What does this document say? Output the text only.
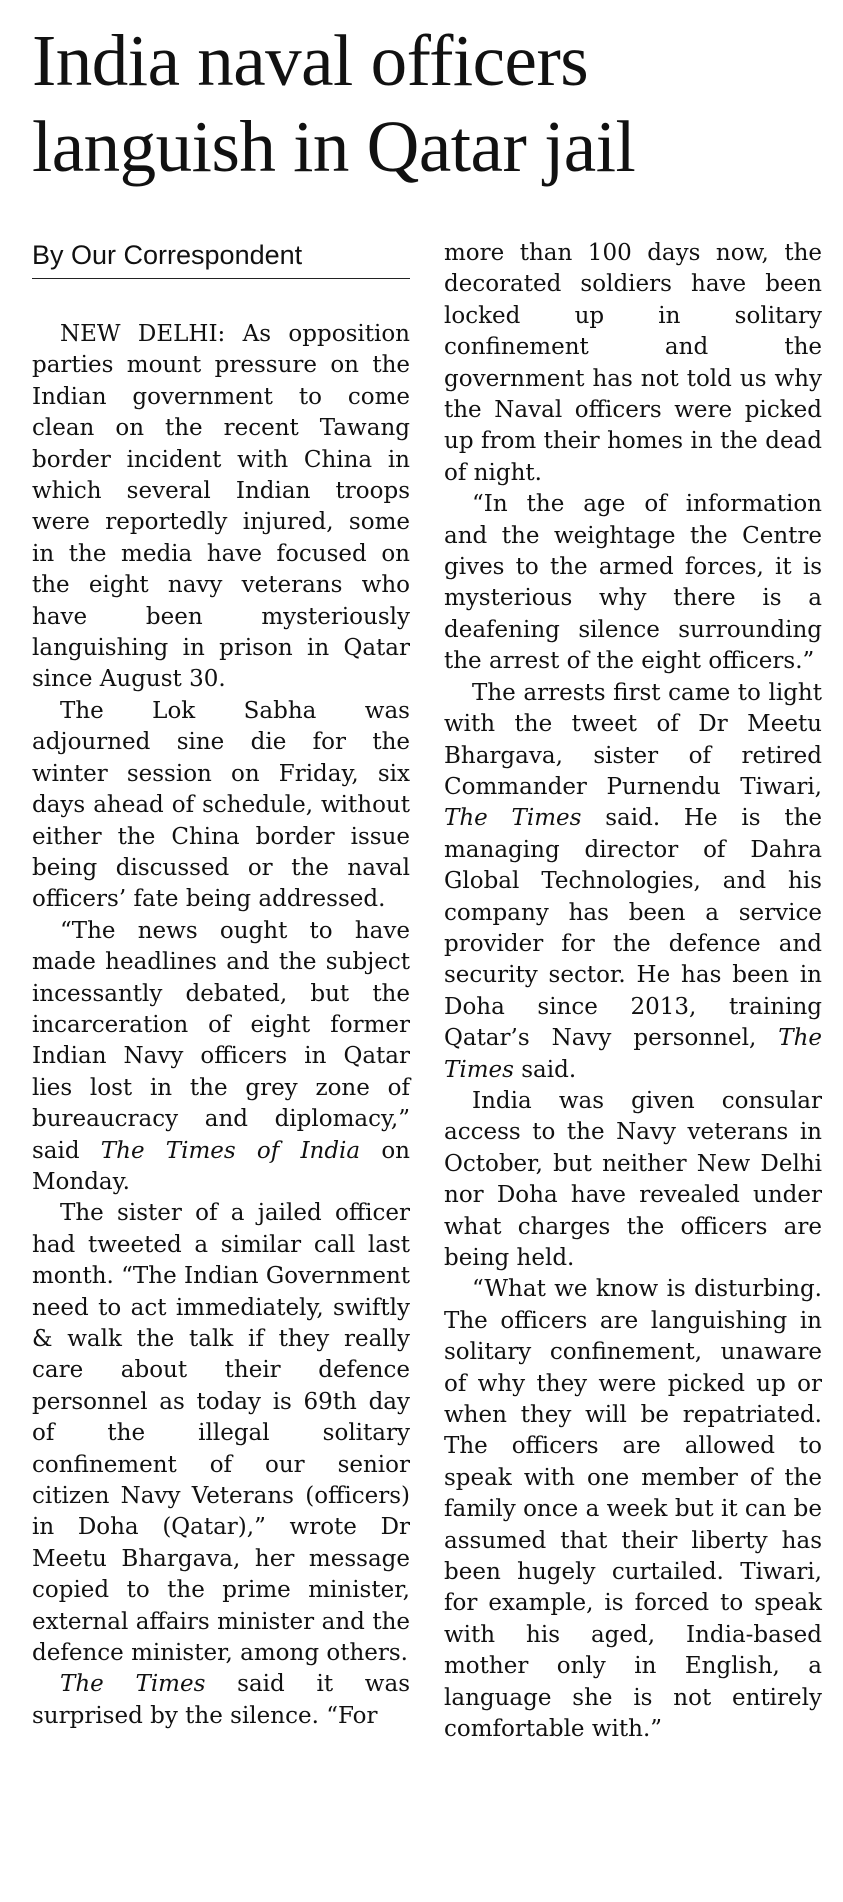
India naval officers
languish in Qatar jail
By Our Correspondent

NEW DELHI: As opposition parties mount pressure on the Indian government to come clean on the recent Tawang border incident with China in which several Indian troops were reportedly injured, some in the media have focused on the eight navy veterans who have been mysteriously languishing in prison in Qatar since August 30.

The Lok Sabha was adjourned sine die for the winter session on Friday, six days ahead of schedule, without either the China border issue being discussed or the naval officers’ fate being addressed.

“The news ought to have made headlines and the subject incessantly debated, but the incarceration of eight former Indian Navy officers in Qatar lies lost in the grey zone of bureaucracy and diplomacy,” said The Times of India on Monday.

The sister of a jailed officer had tweeted a similar call last month. “The Indian Government need to act immediately, swiftly & walk the talk if they really care about their defence personnel as today is 69th day of the illegal solitary confinement of our senior citizen Navy Veterans (officers) in Doha (Qatar),” wrote Dr Meetu Bhargava, her message copied to the prime minister, external affairs minister and the defence minister, among others.

The Times said it was surprised by the silence. “For

more than 100 days now, the decorated soldiers have been locked up in solitary confinement and the government has not told us why the Naval officers were picked up from their homes in the dead of night.

“In the age of information and the weightage the Centre gives to the armed forces, it is mysterious why there is a deafening silence surrounding the arrest of the eight officers.”

The arrests first came to light with the tweet of Dr Meetu Bhargava, sister of retired Commander Purnendu Tiwari, The Times said. He is the managing director of Dahra Global Technologies, and his company has been a service provider for the defence and security sector. He has been in Doha since 2013, training Qatar’s Navy personnel, The Times said.

India was given consular access to the Navy veterans in October, but neither New Delhi nor Doha have revealed under what charges the officers are being held.

“What we know is disturbing. The officers are languishing in solitary confinement, unaware of why they were picked up or when they will be repatriated. The officers are allowed to speak with one member of the family once a week but it can be assumed that their liberty has been hugely curtailed. Tiwari, for example, is forced to speak with his aged, India-based mother only in English, a language she is not entirely comfortable with.”
